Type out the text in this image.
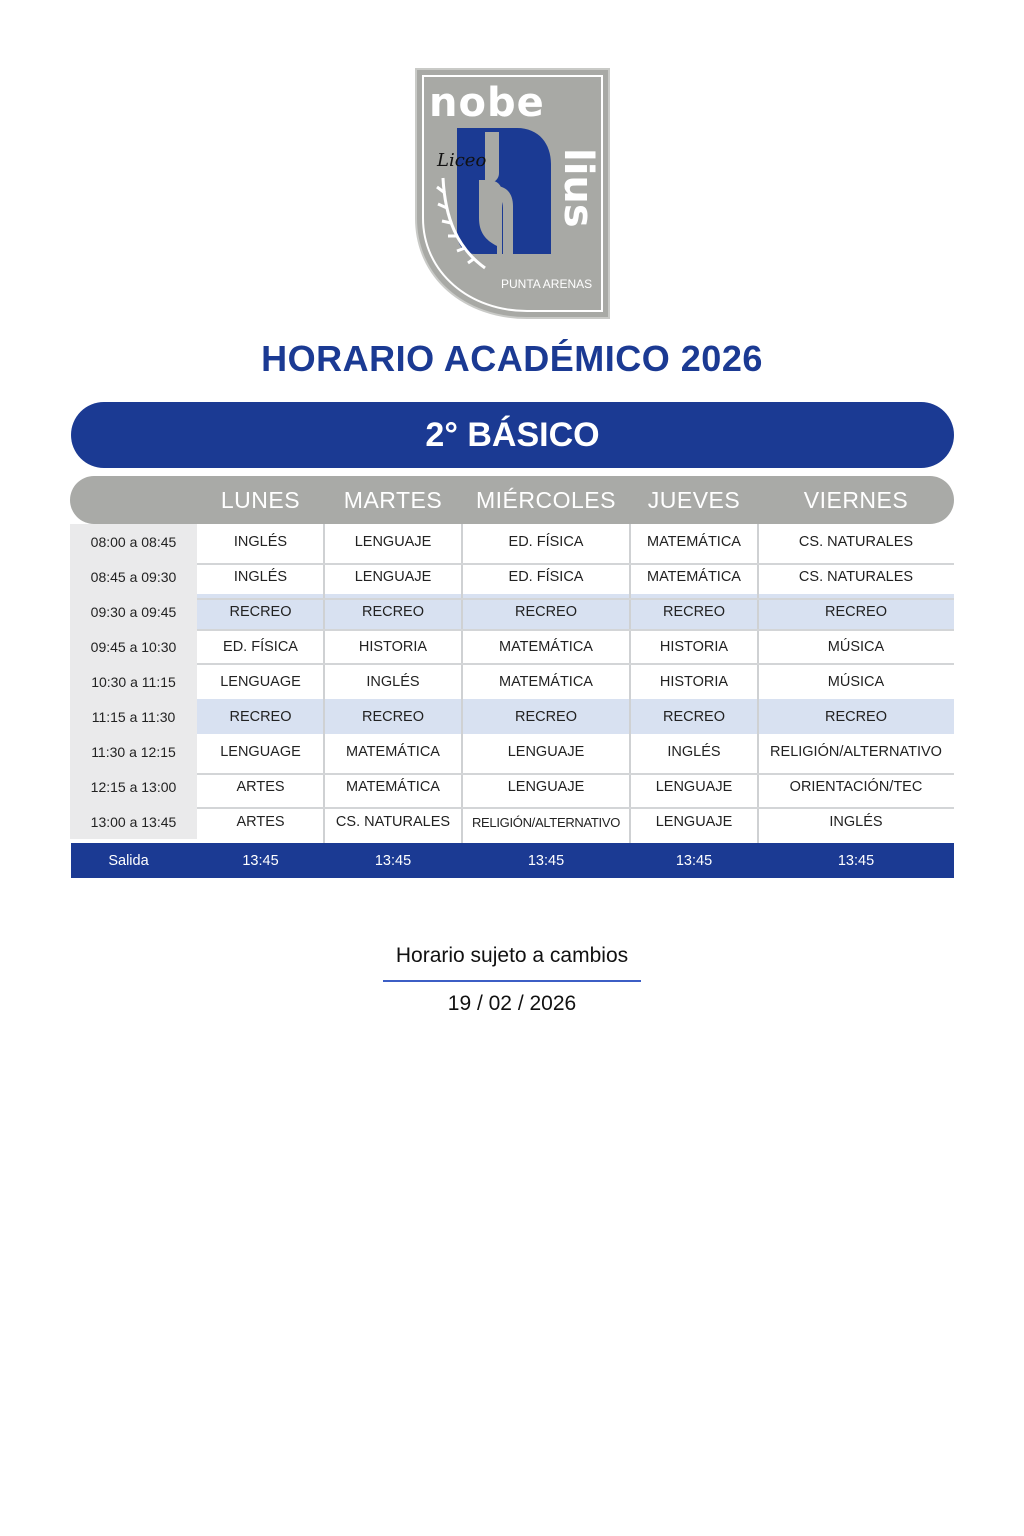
nobe
lius
Liceo
PUNTA ARENAS
HORARIO ACADÉMICO 2026
2° BÁSICO
LUNES	MARTES	MIÉRCOLES	JUEVES	VIERNES
08:00 a 08:45	INGLÉS	LENGUAJE	ED. FÍSICA	MATEMÁTICA	CS. NATURALES
08:45 a 09:30	INGLÉS	LENGUAJE	ED. FÍSICA	MATEMÁTICA	CS. NATURALES
09:30 a 09:45	RECREO	RECREO	RECREO	RECREO	RECREO
09:45 a 10:30	ED. FÍSICA	HISTORIA	MATEMÁTICA	HISTORIA	MÚSICA
10:30 a 11:15	LENGUAGE	INGLÉS	MATEMÁTICA	HISTORIA	MÚSICA
11:15 a 11:30	RECREO	RECREO	RECREO	RECREO	RECREO
11:30 a 12:15	LENGUAGE	MATEMÁTICA	LENGUAJE	INGLÉS	RELIGIÓN/ALTERNATIVO
12:15 a 13:00	ARTES	MATEMÁTICA	LENGUAJE	LENGUAJE	ORIENTACIÓN/TEC
13:00 a 13:45	ARTES	CS. NATURALES	RELIGIÓN/ALTERNATIVO	LENGUAJE	INGLÉS
Salida	13:45	13:45	13:45	13:45	13:45
Horario sujeto a cambios
19 / 02 / 2026
